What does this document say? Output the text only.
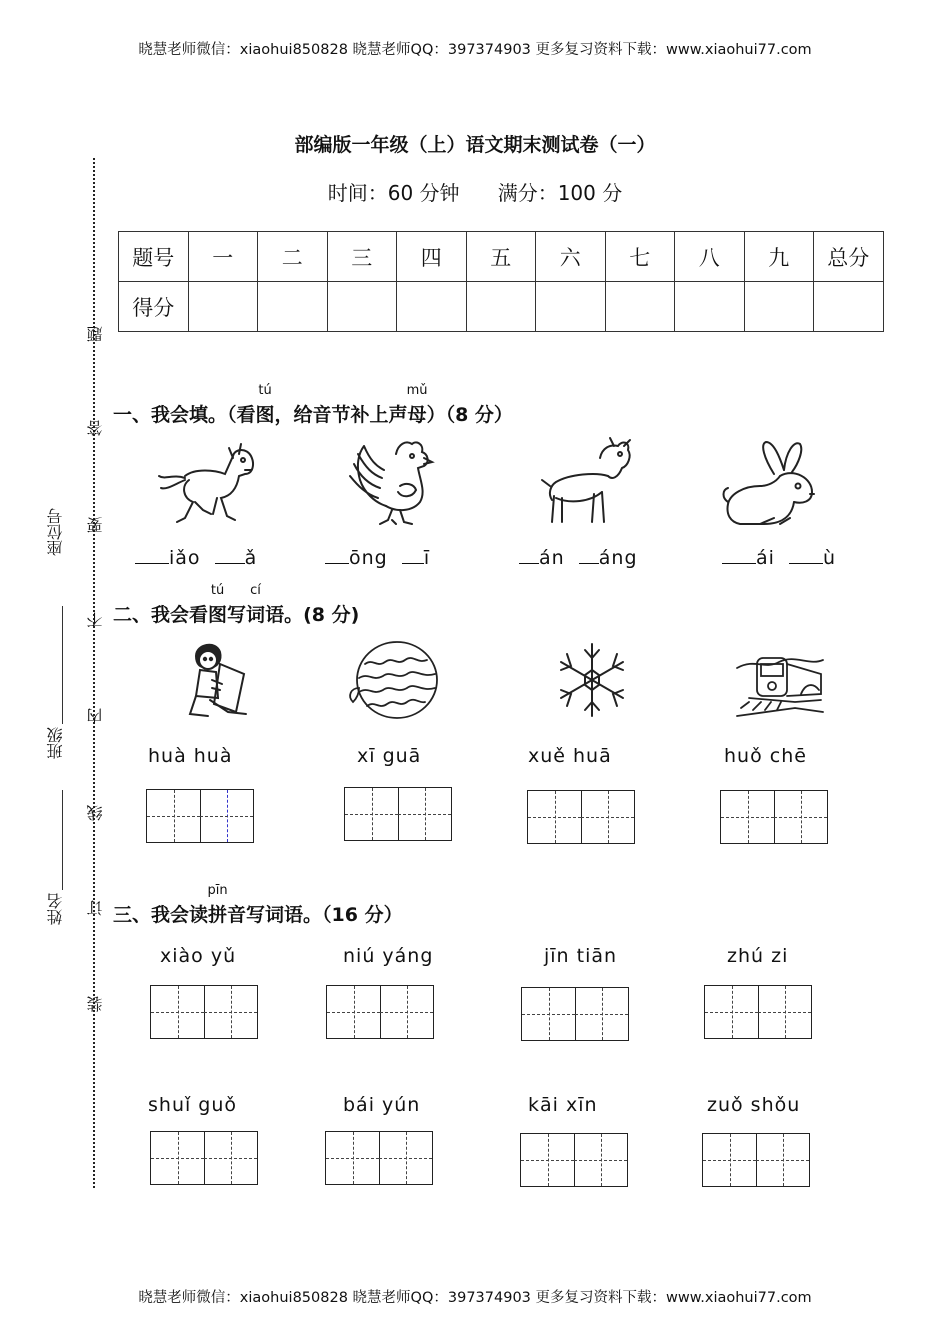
晓慧老师微信：xiaohui850828 晓慧老师QQ：397374903 更多复习资料下载：www.xiaohui77.com
晓慧老师微信：xiaohui850828 晓慧老师QQ：397374903 更多复习资料下载：www.xiaohui77.com
座位号
班级
姓名
题
答
要
不
内
线
订
装
部编版一年级（上）语文期末测试卷（一）
时间：60 分钟      满分：100 分
题号	一	二	三	四	五	六	七	八	九	总分
得分										
一、我会填。（看
tú
图，给音节补上声
mǔ
母）（8 分）
iǎo ǎ	ōng ī	án áng	ái	ù
二、我会看
tú
图写
cí
词语。(8 分)
huà huà	xī guā	xuě huā	huǒ chē
三、我会读
pīn
拼音写词语。（16 分）
xiào yǔ	niú yáng	jīn tiān	zhú zi
shuǐ guǒ	bái yún	kāi xīn	zuǒ shǒu
